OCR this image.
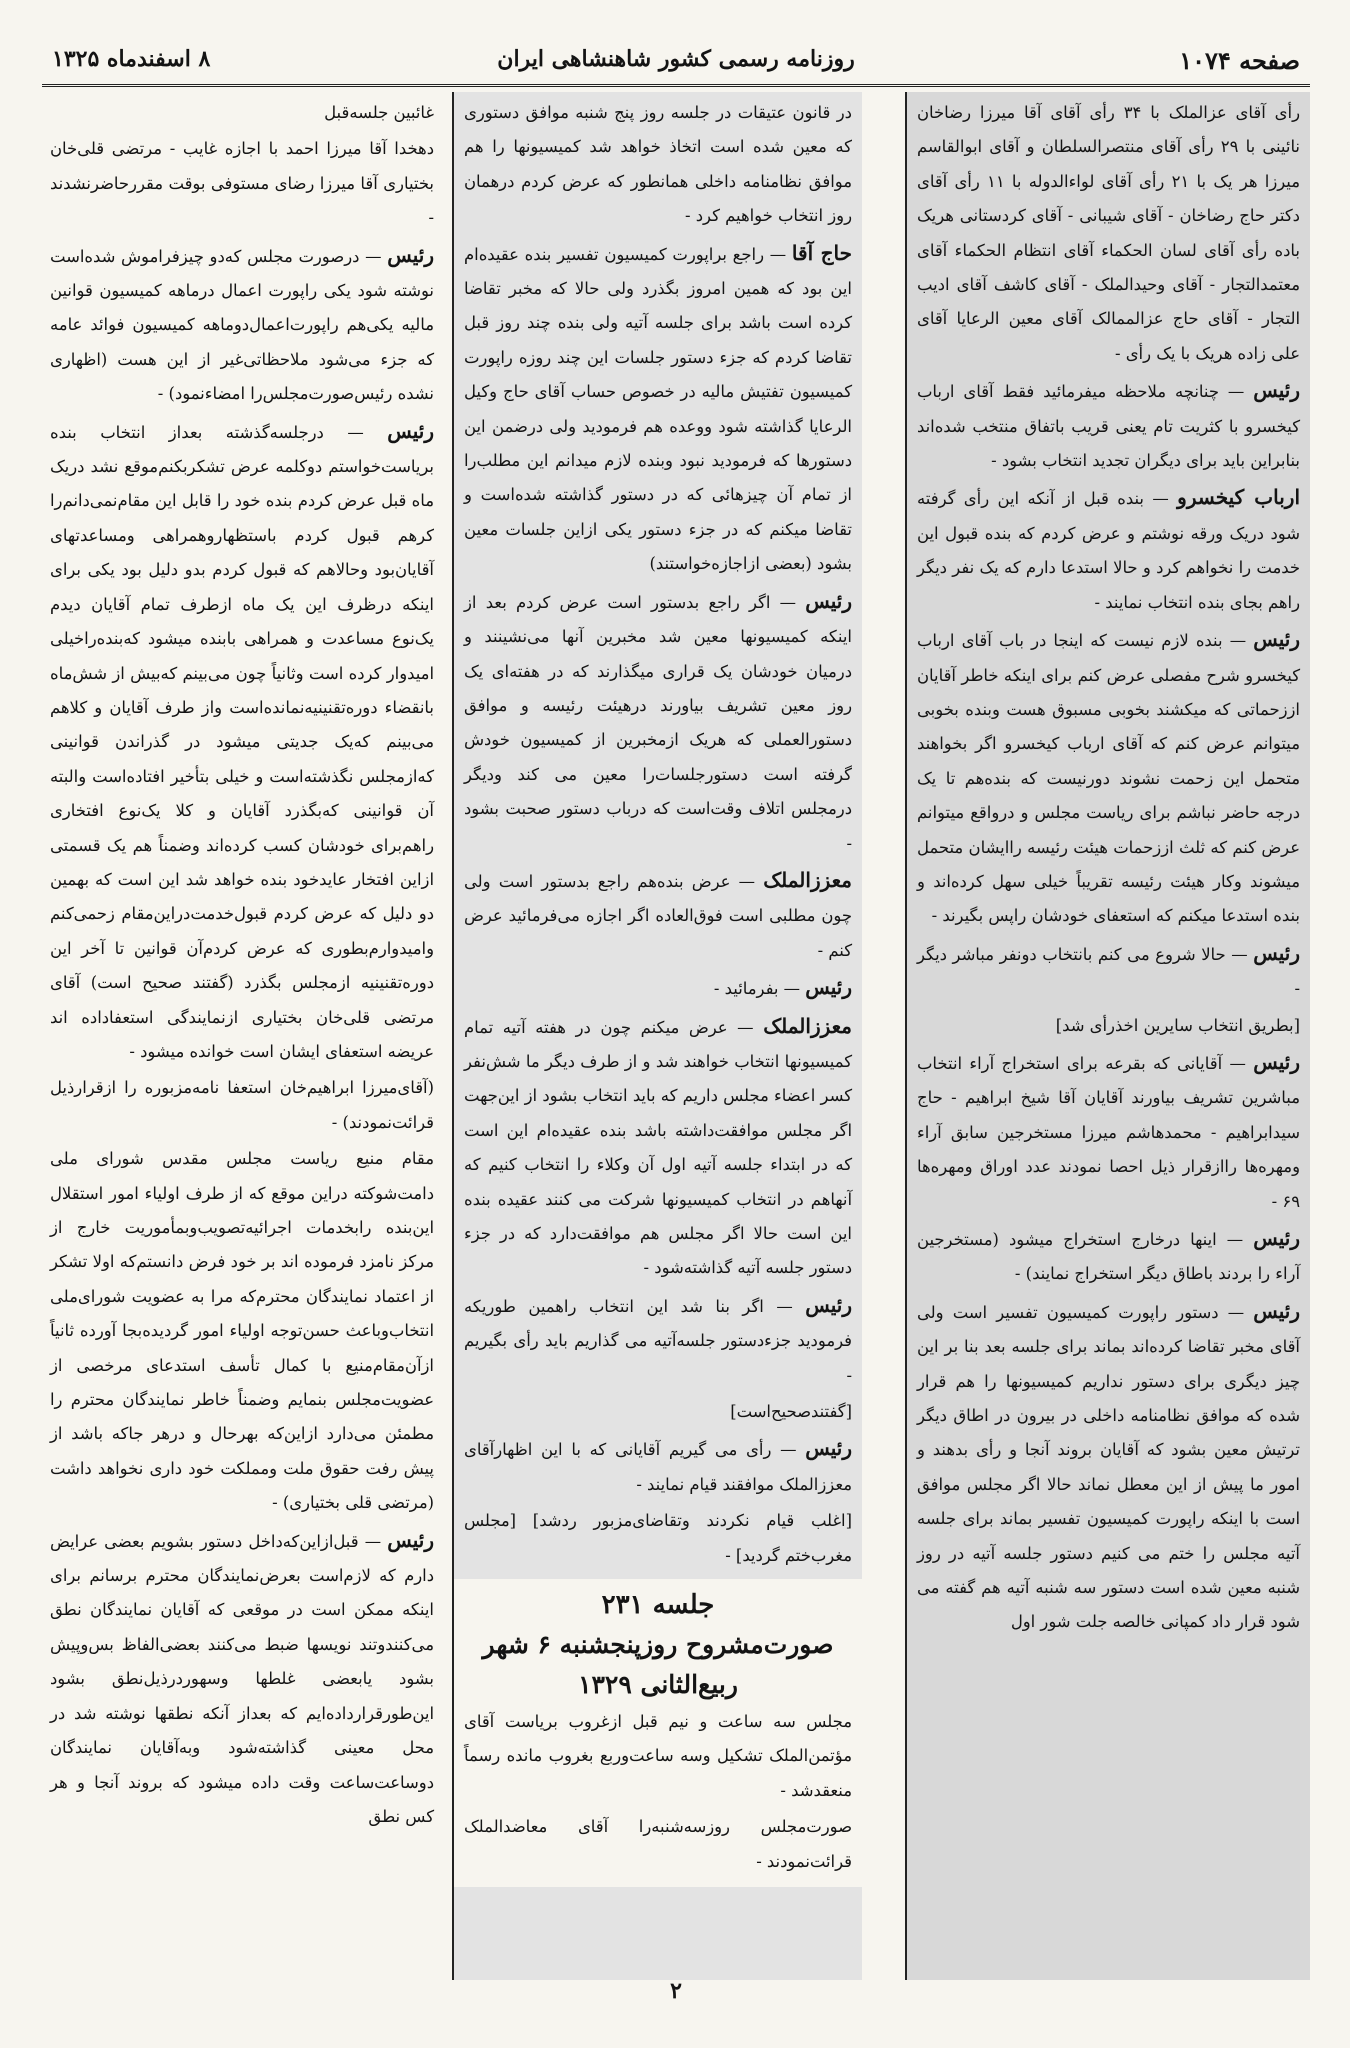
صفحه ۱۰۷۴
روزنامه رسمی کشور شاهنشاهی ایران
۸ اسفندماه ۱۳۲۵

رأی آقای عزالملک با ۳۴ رأی آقای آقا میرزا رضاخان نائینی با ۲۹ رأی آقای منتصرالسلطان و آقای ابوالقاسم میرزا هر یک با ۲۱ رأی آقای لواءالدوله با ۱۱ رأی آقای دکتر حاج رضاخان - آقای شیبانی - آقای کردستانی هریک باده رأی آقای لسان الحکماء آقای انتظام الحکماء آقای معتمدالتجار - آقای وحیدالملک - آقای کاشف آقای ادیب التجار - آقای حاج عزالممالک آقای معین الرعایا آقای علی زاده هریک با یک رأی -

رئیس — چنانچه ملاحظه میفرمائید فقط آقای ارباب کیخسرو با کثریت تام یعنی قریب باتفاق منتخب شده‌اند بنابراین باید برای دیگران تجدید انتخاب بشود -

ارباب کیخسرو — بنده قبل از آنکه این رأی گرفته شود دریک ورقه نوشتم و عرض کردم که بنده قبول این خدمت را نخواهم کرد و حالا استدعا دارم که یک نفر دیگر راهم بجای بنده انتخاب نمایند -

رئیس — بنده لازم نیست که اینجا در باب آقای ارباب کیخسرو شرح مفصلی عرض کنم برای اینکه خاطر آقایان اززحماتی که میکشند بخوبی مسبوق هست وبنده بخوبی میتوانم عرض کنم که آقای ارباب کیخسرو اگر بخواهند متحمل این زحمت نشوند دورنیست که بنده‌هم تا یک درجه حاضر نباشم برای ریاست مجلس و درواقع میتوانم عرض کنم که ثلث اززحمات هیئت رئیسه راایشان متحمل میشوند وکار هیئت رئیسه تقریباً خیلی سهل کرده‌اند و بنده استدعا میکنم که استعفای خودشان راپس بگیرند -

رئیس — حالا شروع می کنم بانتخاب دونفر مباشر دیگر -

[بطریق انتخاب سایرین اخذرأی شد]

رئیس — آقایانی که بقرعه برای استخراج آراء انتخاب مباشرین تشریف بیاورند آقایان آقا شیخ ابراهیم - حاج سیدابراهیم - محمدهاشم میرزا مستخرجین سابق آراء ومهره‌ها راازقرار ذیل احصا نمودند عدد اوراق ومهره‌ها ۶۹ -

رئیس — اینها درخارج استخراج میشود (مستخرجین آراء را بردند باطاق دیگر استخراج نمایند) -

رئیس — دستور راپورت کمیسیون تفسیر است ولی آقای مخبر تقاضا کرده‌اند بماند برای جلسه بعد بنا بر این چیز دیگری برای دستور نداریم کمیسیونها را هم قرار شده که موافق نظامنامه داخلی در بیرون در اطاق دیگر ترتیش معین بشود که آقایان بروند آنجا و رأی بدهند و امور ما پیش از این معطل نماند حالا اگر مجلس موافق است با اینکه راپورت کمیسیون تفسیر بماند برای جلسه آتیه مجلس را ختم می کنیم دستور جلسه آتیه در روز شنبه معین شده است دستور سه شنبه آتیه هم گفته می شود قرار داد کمپانی خالصه جلت شور اول

در قانون عتیقات در جلسه روز پنج شنبه موافق دستوری که معین شده است اتخاذ خواهد شد کمیسیونها را هم موافق نظامنامه داخلی همانطور که عرض کردم درهمان روز انتخاب خواهیم کرد -

حاج آقا — راجع براپورت کمیسیون تفسیر بنده عقیده‌ام این بود که همین امروز بگذرد ولی حالا که مخبر تقاضا کرده است باشد برای جلسه آتیه ولی بنده چند روز قبل تقاضا کردم که جزء دستور جلسات این چند روزه راپورت کمیسیون تفتیش مالیه در خصوص حساب آقای حاج وکیل الرعایا گذاشته شود ووعده هم فرمودید ولی درضمن این دستورها که فرمودید نبود وبنده لازم میدانم این مطلب‌را از تمام آن چیزهائی که در دستور گذاشته شده‌است و تقاضا میکنم که در جزء دستور یکی ازاین جلسات معین بشود (بعضی ازاجازه‌خواستند)

رئیس — اگر راجع بدستور است عرض کردم بعد از اینکه کمیسیونها معین شد مخبرین آنها می‌نشینند و درمیان خودشان یک قراری میگذارند که در هفته‌ای یک روز معین تشریف بیاورند درهیئت رئیسه و موافق دستورالعملی که هریک ازمخبرین از کمیسیون خودش گرفته است دستورجلسات‌را معین می کند ودیگر درمجلس اتلاف وقت‌است که درباب دستور صحبت بشود -

معززالملک — عرض بنده‌هم راجع بدستور است ولی چون مطلبی است فوق‌العاده اگر اجازه می‌فرمائید عرض کنم -

رئیس — بفرمائید -

معززالملک — عرض میکنم چون در هفته آتیه تمام کمیسیونها انتخاب خواهند شد و از طرف دیگر ما شش‌نفر کسر اعضاء مجلس داریم که باید انتخاب بشود از این‌جهت اگر مجلس موافقت‌داشته باشد بنده عقیده‌ام این است که در ابتداء جلسه آتیه اول آن وکلاء را انتخاب کنیم که آنهاهم در انتخاب کمیسیونها شرکت می کنند عقیده بنده این است حالا اگر مجلس هم موافقت‌دارد که در جزء دستور جلسه آتیه گذاشته‌شود -

رئیس — اگر بنا شد این انتخاب راهمین طوریکه فرمودید جزءدستور جلسه‌آتیه می گذاریم باید رأی بگیریم -

[گفتند‌صحیح‌است]

رئیس — رأی می گیریم آقایانی که با این اظهارآقای معززالملک موافقند قیام نمایند -

[اغلب قیام نکردند وتقاضای‌مزبور ردشد] [مجلس مغرب‌ختم گردید] -

جلسه ۲۳۱
صورت‌مشروح روزپنجشنبه ۶ شهر
ربیع‌الثانی ۱۳۲۹

مجلس سه ساعت و نیم قبل ازغروب بریاست آقای مؤتمن‌الملک تشکیل وسه ساعت‌وربع بغروب مانده رسماً منعقدشد -

صورت‌مجلس روزسه‌شنبه‌را آقای معاضدالملک قرائت‌نمودند -

غائبین جلسه‌قبل

دهخدا آقا میرزا احمد با اجازه غایب - مرتضی قلی‌خان بختیاری آقا میرزا رضای مستوفی بوقت مقرر‌حاضر‌نشدند -

رئیس — درصورت مجلس که‌دو چیزفراموش شده‌است نوشته شود یکی راپورت اعمال درماهه کمیسیون قوانین مالیه یکی‌هم راپورت‌اعمال‌دوماهه کمیسیون فوائد عامه که جزء می‌شود ملاحظاتی‌غیر از این هست (اظهاری نشده رئیس‌صورت‌مجلس‌را امضاءنمود) -

رئیس — درجلسه‌گذشته بعداز انتخاب بنده بریاست‌خواستم دوکلمه عرض تشکربکنم‌موقع نشد دریک ماه قبل عرض کردم بنده خود را قابل این مقام‌نمی‌دانم‌را کرهم قبول کردم باستظهاروهمراهی ومساعدتهای آقایان‌بود وحالاهم که قبول کردم بدو دلیل بود یکی برای اینکه درظرف این یک ماه ازطرف تمام آقایان دیدم یک‌نوع مساعدت و همراهی بابنده میشود که‌بنده‌راخیلی امیدوار کرده است وثانیاً چون می‌بینم که‌بیش از شش‌ماه بانقضاء دوره‌تقنینیه‌نمانده‌است واز طرف آقایان و کلاهم می‌بینم که‌یک جدیتی میشود در گذراندن قوانینی که‌ازمجلس نگذشته‌است و خیلی بتأخیر افتاده‌است والبته آن قوانینی که‌بگذرد آقایان و کلا یک‌نوع افتخاری راهم‌برای خودشان کسب کرده‌اند وضمناً هم یک قسمتی ازاین افتخار عایدخود بنده خواهد شد این است که بهمین دو دلیل که عرض کردم قبول‌خدمت‌دراین‌مقام زحمی‌کنم وامیدوارم‌بطوری که عرض کردم‌آن قوانین تا آخر این دوره‌تقنینیه ازمجلس بگذرد (گفتند صحیح است) آقای مرتضی قلی‌خان بختیاری ازنمایندگی استعفاداده اند عریضه استعفای ایشان است خوانده میشود -

(آقای‌میرزا ابراهیم‌خان استعفا نامه‌مزبوره را ازقرارذیل قرائت‌نمودند) -

مقام منیع ریاست مجلس مقدس شورای ملی دامت‌شوکته دراین موقع که از طرف اولیاء امور استقلال این‌بنده رابخدمات اجرائیه‌تصویب‌وبمأموریت خارج از مرکز نامزد فرموده اند بر خود فرض دانستم‌که اولا تشکر از اعتماد نمایندگان محترم‌که مرا به عضویت شورای‌ملی انتخاب‌وباعث حسن‌توجه اولیاء امور گردیده‌بجا آورده ثانیاً ازآن‌مقام‌منیع با کمال تأسف استدعای مرخصی از عضویت‌مجلس بنمایم وضمناً خاطر نمایندگان محترم را مطمئن می‌دارد ازاین‌که بهرحال و درهر جاکه باشد از پیش رفت حقوق ملت ومملکت خود داری نخواهد داشت (مرتضی قلی بختیاری) -

رئیس — قبل‌ازاین‌که‌داخل دستور بشویم بعضی عرایض دارم که لازم‌است بعرض‌نمایندگان محترم برسانم برای اینکه ممکن است در موقعی که آقایان نمایندگان نطق می‌کنندوتند نویسها ضبط می‌کنند بعضی‌الفاظ بس‌وپیش بشود یابعضی غلطها وسهوردرذیل‌نطق بشود این‌طورقرارداده‌ایم که بعداز آنکه نطقها نوشته شد در محل معینی گذاشته‌شود وبه‌آقایان نمایندگان دوساعت‌ساعت وقت داده میشود که بروند آنجا و هر کس نطق

۲
